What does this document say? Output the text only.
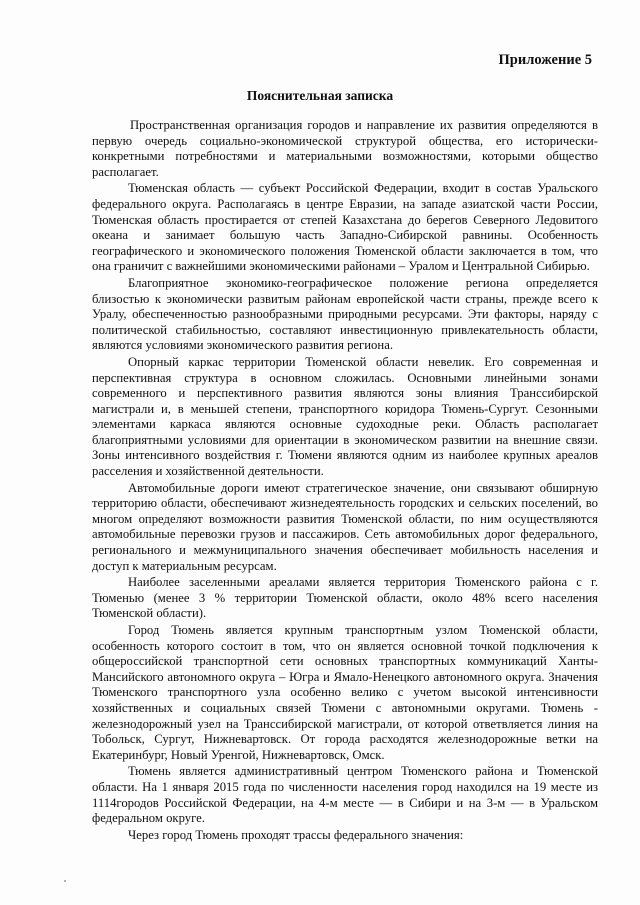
Приложение 5
Пояснительная записка

Пространственная организация городов и направление их развития определяются в первую очередь социально-экономической структурой общества, его исторически-конкретными потребностями и материальными возможностями, которыми общество располагает.

Тюменская область — субъект Российской Федерации, входит в состав Уральского федерального округа. Располагаясь в центре Евразии, на западе азиатской части России, Тюменская область простирается от степей Казахстана до берегов Северного Ледовитого океана и занимает большую часть Западно-Сибирской равнины. Особенность географического и экономического положения Тюменской области заключается в том, что она граничит с важнейшими экономическими районами – Уралом и Центральной Сибирью.

Благоприятное экономико-географическое положение региона определяется близостью к экономически развитым районам европейской части страны, прежде всего к Уралу, обеспеченностью разнообразными природными ресурсами. Эти факторы, наряду с политической стабильностью, составляют инвестиционную привлекательность области, являются условиями экономического развития региона.

Опорный каркас территории Тюменской области невелик. Его современная и перспективная структура в основном сложилась. Основными линейными зонами современного и перспективного развития являются зоны влияния Транссибирской магистрали и, в меньшей степени, транспортного коридора Тюмень-Сургут. Сезонными элементами каркаса являются основные судоходные реки. Область располагает благоприятными условиями для ориентации в экономическом развитии на внешние связи. Зоны интенсивного воздействия г. Тюмени являются одним из наиболее крупных ареалов расселения и хозяйственной деятельности.

Автомобильные дороги имеют стратегическое значение, они связывают обширную территорию области, обеспечивают жизнедеятельность городских и сельских поселений, во многом определяют возможности развития Тюменской области, по ним осуществляются автомобильные перевозки грузов и пассажиров. Сеть автомобильных дорог федерального, регионального и межмуниципального значения обеспечивает мобильность населения и доступ к материальным ресурсам.

Наиболее заселенными ареалами является территория Тюменского района с г. Тюменью (менее 3 % территории Тюменской области, около 48% всего населения Тюменской области).

Город Тюмень является крупным транспортным узлом Тюменской области, особенность которого состоит в том, что он является основной точкой подключения к общероссийской транспортной сети основных транспортных коммуникаций Ханты-Мансийского автономного округа – Югра и Ямало-Ненецкого автономного округа. Значения Тюменского транспортного узла особенно велико с учетом высокой интенсивности хозяйственных и социальных связей Тюмени с автономными округами. Тюмень - железнодорожный узел на Транссибирской магистрали, от которой ответвляется линия на Тобольск, Сургут, Нижневартовск. От города расходятся железнодорожные ветки на Екатеринбург, Новый Уренгой, Нижневартовск, Омск.

Тюмень является административный центром Тюменского района и Тюменской области. На 1 января 2015 года по численности населения город находился на 19 месте из 1114городов Российской Федерации, на 4-м месте — в Сибири и на 3-м — в Уральском федеральном округе.

Через город Тюмень проходят трассы федерального значения:
